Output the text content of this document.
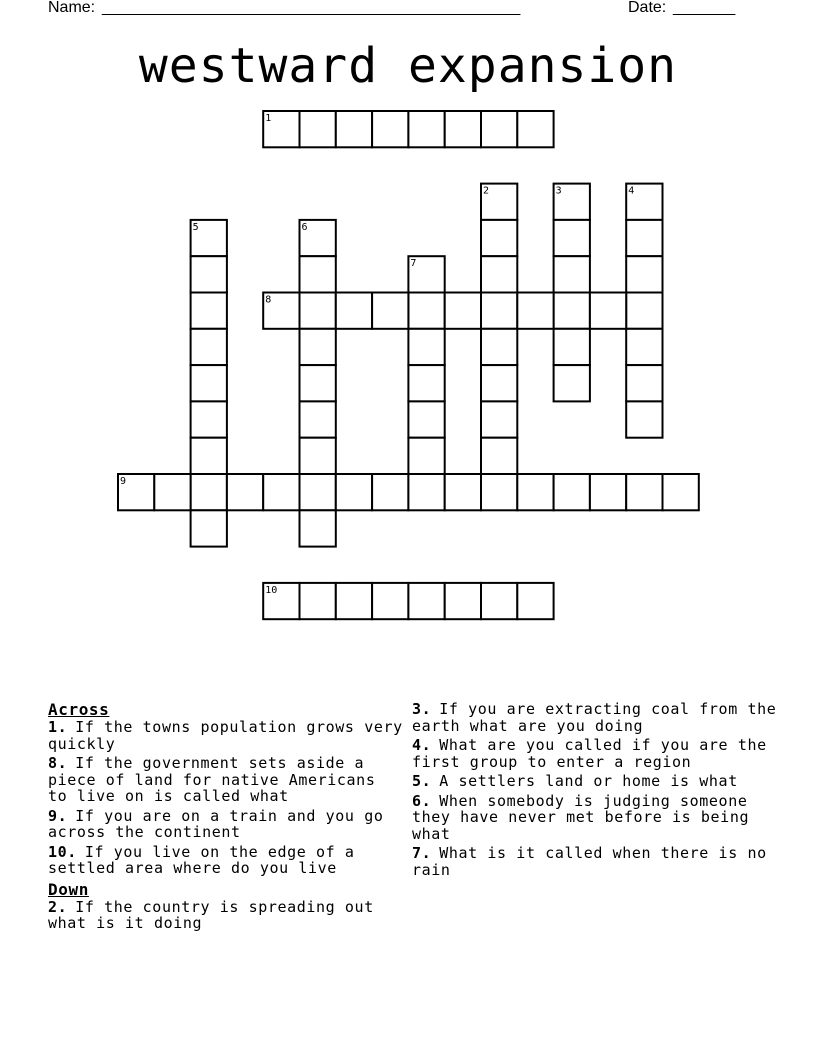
Name: _______________________________________________	Date: _______
westward expansion
1
2	3	4
5	6
7
8
9
10
Across
1. If the towns population grows very quickly
8. If the government sets aside a piece of land for native Americans to live on is called what
9. If you are on a train and you go across the continent
10. If you live on the edge of a settled area where do you live
Down
2. If the country is spreading out what is it doing
3. If you are extracting coal from the earth what are you doing
4. What are you called if you are the first group to enter a region
5. A settlers land or home is what
6. When somebody is judging someone they have never met before is being what
7. What is it called when there is no rain
